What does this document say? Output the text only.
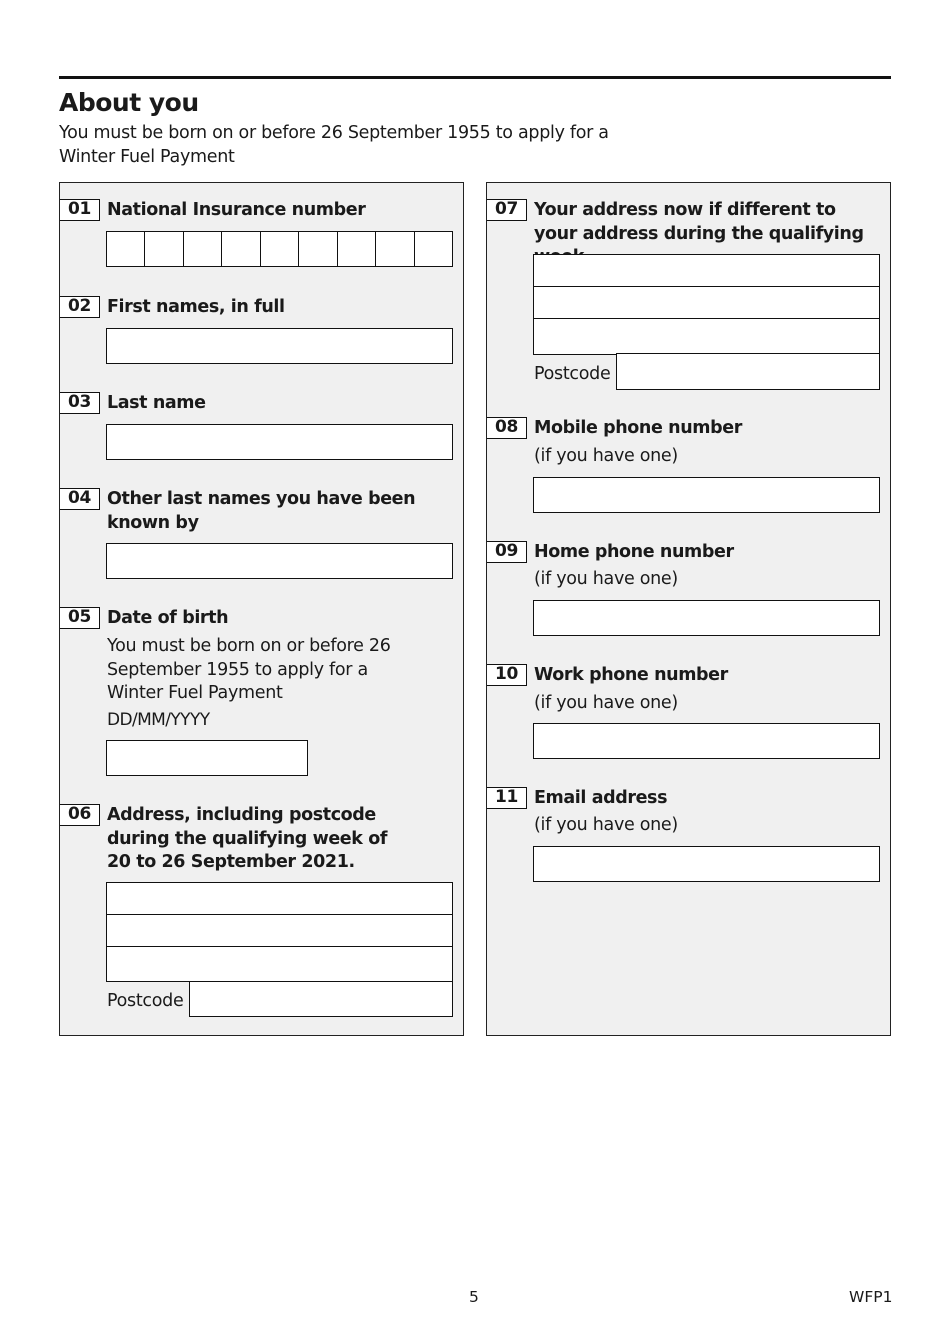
About you
You must be born on or before 26 September 1955 to apply for a Winter Fuel Payment
01 National Insurance number
02 First names, in full
03 Last name
04 Other last names you have been known by
05 Date of birth
You must be born on or before 26 September 1955 to apply for a Winter Fuel Payment
DD/MM/YYYY
06 Address, including postcode during the qualifying week of 20 to 26 September 2021.
Postcode
07 Your address now if different to your address during the qualifying
Postcode
08 Mobile phone number
(if you have one)
09 Home phone number
(if you have one)
10 Work phone number
(if you have one)
11 Email address
(if you have one)
5	WFP1
